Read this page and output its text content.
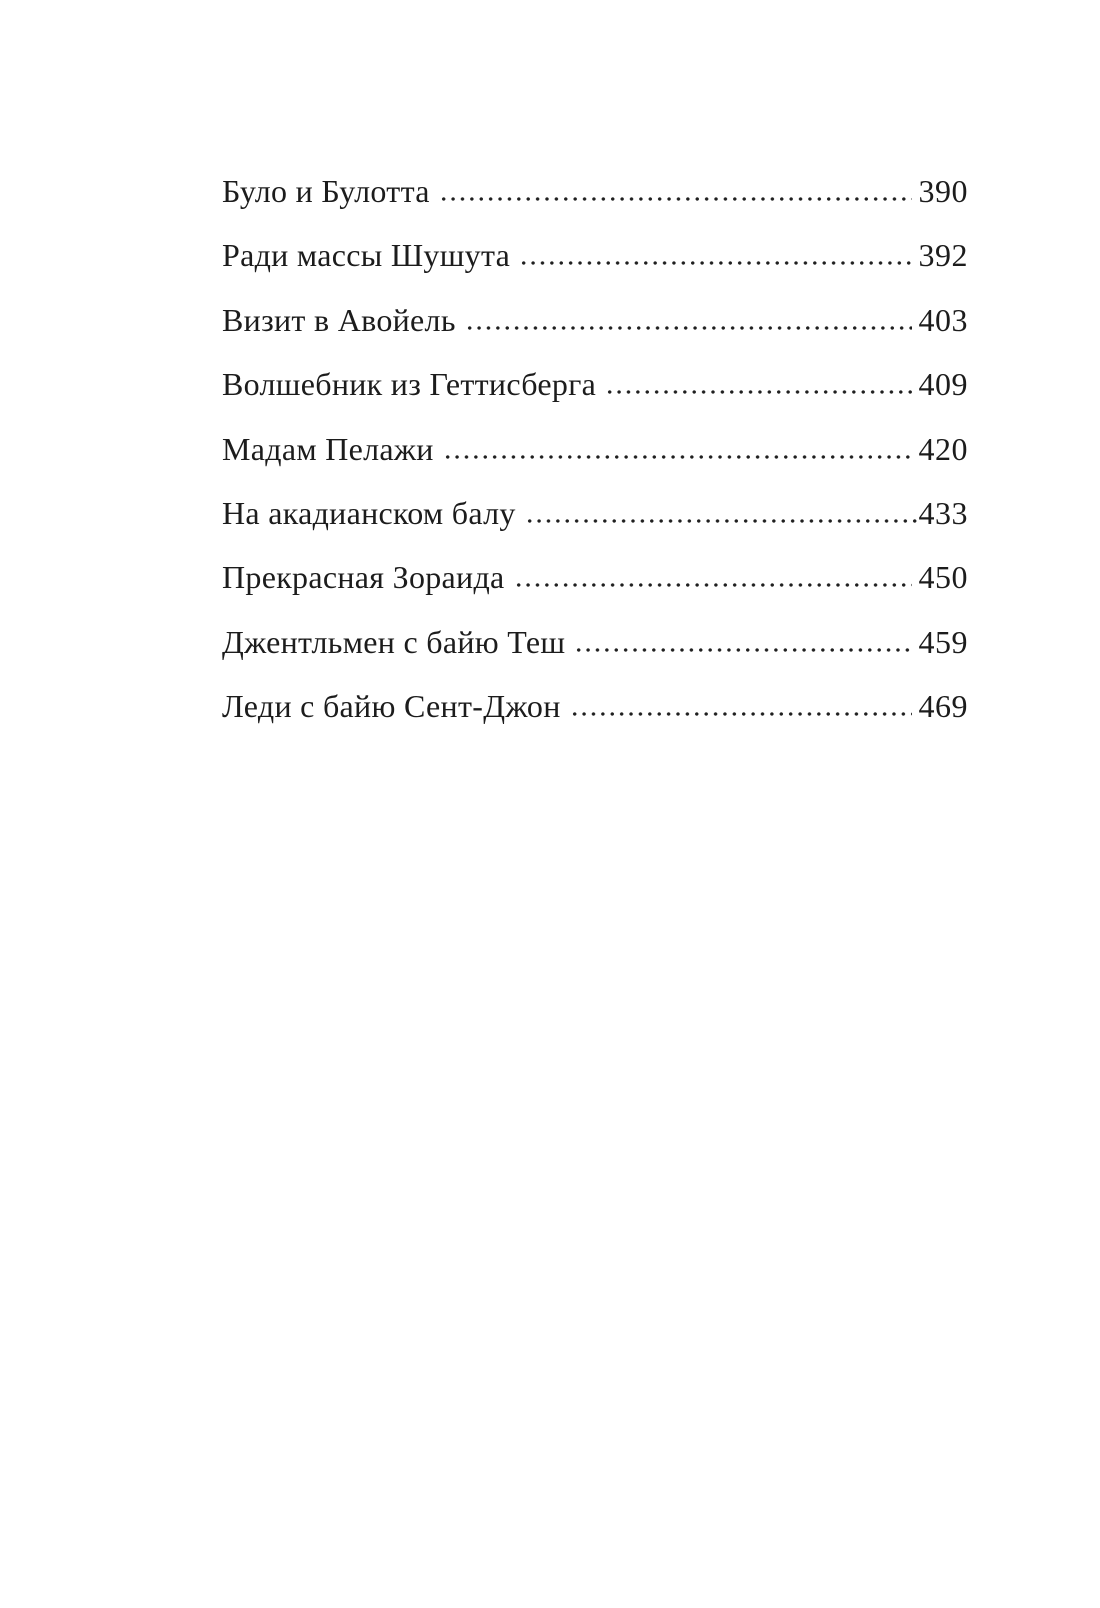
Було и Булотта	390
Ради массы Шушута	392
Визит в Авойель	403
Волшебник из Геттисберга	409
Мадам Пелажи	420
На акадианском балу	433
Прекрасная Зораида	450
Джентльмен с байю Теш	459
Леди с байю Сент-Джон	469
